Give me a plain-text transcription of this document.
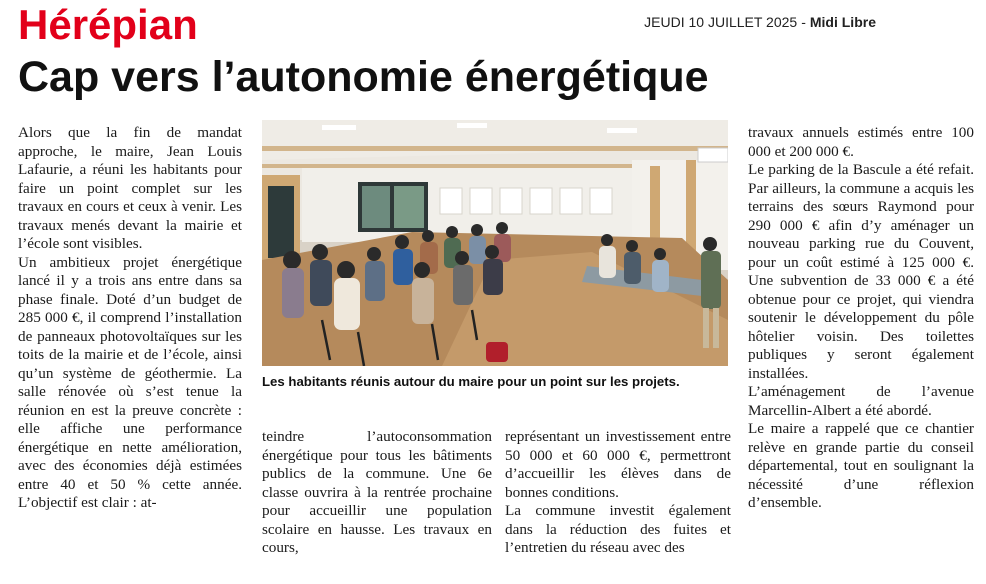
Hérépian	JEUDI 10 JUILLET 2025 - Midi Libre
Cap vers l’autonomie énergétique

Alors que la fin de mandat approche, le maire, Jean Louis Lafaurie, a réuni les habitants pour faire un point complet sur les travaux en cours et ceux à venir. Les travaux menés devant la mairie et l’école sont visibles.

Un ambitieux projet énergétique lancé il y a trois ans entre dans sa phase finale. Doté d’un budget de 285 000 €, il comprend l’installation de panneaux photovoltaïques sur les toits de la mairie et de l’école, ainsi qu’un système de géothermie. La salle rénovée où s’est tenue la réunion en est la preuve concrète : elle affiche une performance énergétique en nette amélioration, avec des économies déjà estimées entre 40 et 50 % cette année. L’objectif est clair : at-

Les habitants réunis autour du maire pour un point sur les projets.

teindre l’autoconsommation énergétique pour tous les bâtiments publics de la commune. Une 6e classe ouvrira à la rentrée prochaine pour accueillir une population scolaire en hausse. Les travaux en cours,

représentant un investissement entre 50 000 et 60 000 €, permettront d’accueillir les élèves dans de bonnes conditions.

La commune investit également dans la réduction des fuites et l’entretien du réseau avec des

travaux annuels estimés entre 100 000 et 200 000 €.

Le parking de la Bascule a été refait. Par ailleurs, la commune a acquis les terrains des sœurs Raymond pour 290 000 € afin d’y aménager un nouveau parking rue du Couvent, pour un coût estimé à 125 000 €. Une subvention de 33 000 € a été obtenue pour ce projet, qui viendra soutenir le développement du pôle hôtelier voisin. Des toilettes publiques y seront également installées.

L’aménagement de l’avenue Marcellin-Albert a été abordé.

Le maire a rappelé que ce chantier relève en grande partie du conseil départemental, tout en soulignant la nécessité d’une réflexion d’ensemble.
